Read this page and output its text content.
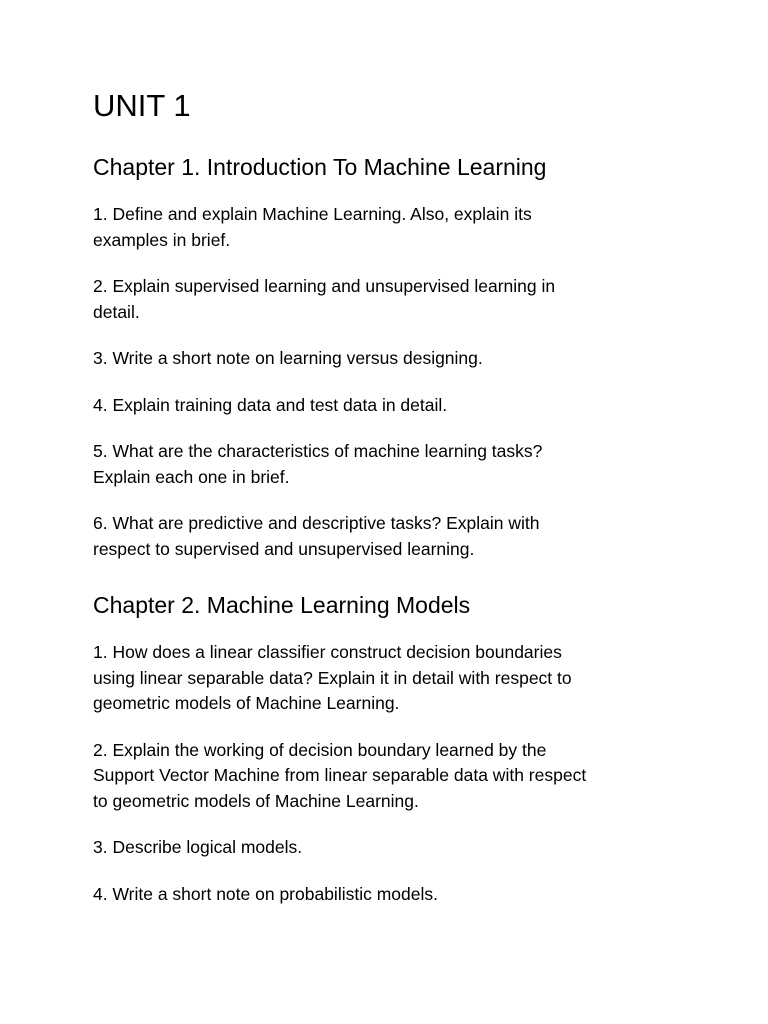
UNIT 1
Chapter 1. Introduction To Machine Learning

1. Define and explain Machine Learning. Also, explain its

examples in brief.

2. Explain supervised learning and unsupervised learning in

detail.

3. Write a short note on learning versus designing.

4. Explain training data and test data in detail.

5. What are the characteristics of machine learning tasks?

Explain each one in brief.

6. What are predictive and descriptive tasks? Explain with

respect to supervised and unsupervised learning.

Chapter 2. Machine Learning Models

1. How does a linear classifier construct decision boundaries

using linear separable data? Explain it in detail with respect to

geometric models of Machine Learning.

2. Explain the working of decision boundary learned by the

Support Vector Machine from linear separable data with respect

to geometric models of Machine Learning.

3. Describe logical models.

4. Write a short note on probabilistic models.
